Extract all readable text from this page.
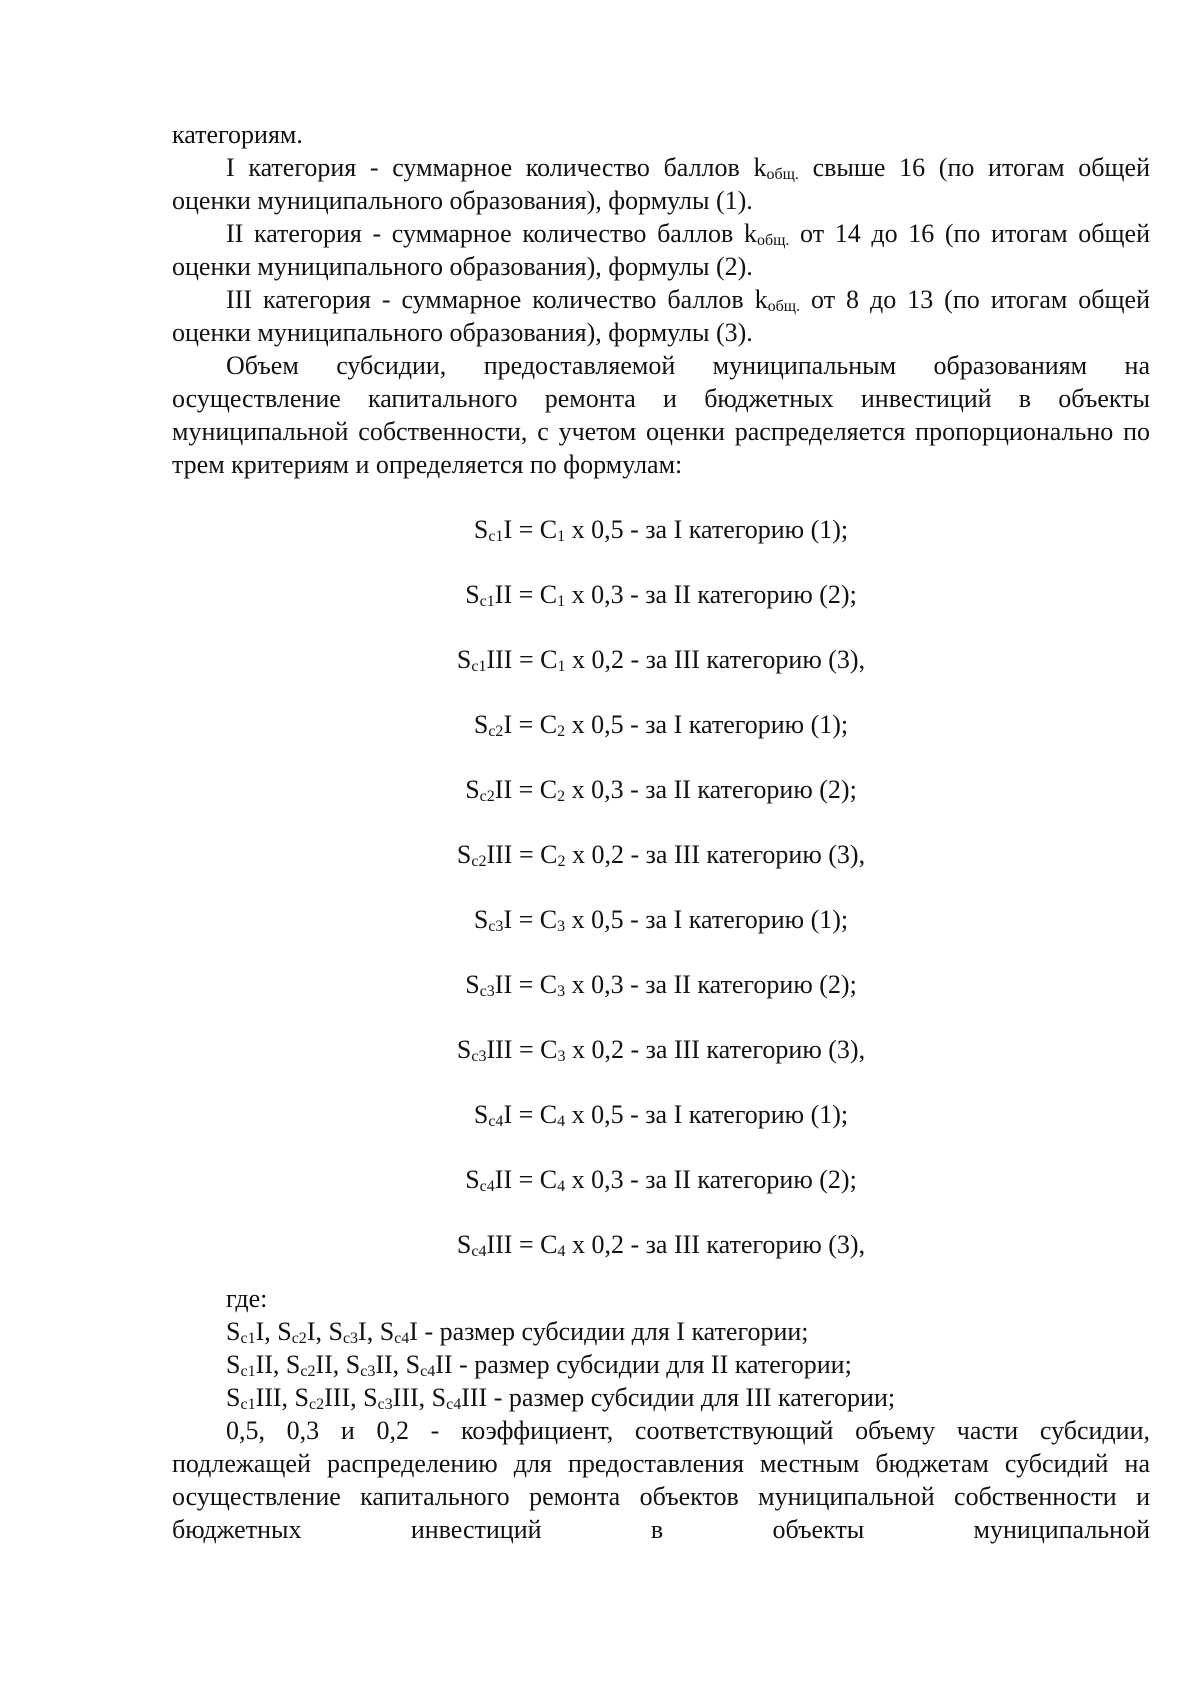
категориям.

I категория - суммарное количество баллов $k_{общ.}$ свыше 16 (по итогам общей оценки муниципального образования), формулы (1).

II категория - суммарное количество баллов $k_{общ.}$ от 14 до 16 (по итогам общей оценки муниципального образования), формулы (2).

III категория - суммарное количество баллов $k_{общ.}$ от 8 до 13 (по итогам общей оценки муниципального образования), формулы (3).

Объем субсидии, предоставляемой муниципальным образованиям на осуществление капитального ремонта и бюджетных инвестиций в объекты муниципальной собственности, с учетом оценки распределяется пропорционально по трем критериям и определяется по формулам:

$S_{c1}I = C_1$ х 0,5 - за I категорию (1);
$S_{c1}II = C_1$ х 0,3 - за II категорию (2);
$S_{c1}III = C_1$ х 0,2 - за III категорию (3),
$S_{c2}I = C_2$ х 0,5 - за I категорию (1);
$S_{c2}II = C_2$ х 0,3 - за II категорию (2);
$S_{c2}III = C_2$ х 0,2 - за III категорию (3),
$S_{c3}I = C_3$ х 0,5 - за I категорию (1);
$S_{c3}II = C_3$ х 0,3 - за II категорию (2);
$S_{c3}III = C_3$ х 0,2 - за III категорию (3),
$S_{c4}I = C_4$ х 0,5 - за I категорию (1);
$S_{c4}II = C_4$ х 0,3 - за II категорию (2);
$S_{c4}III = C_4$ х 0,2 - за III категорию (3),

где:

$S_{c1}I$, $S_{c2}I$, $S_{c3}I$, $S_{c4}I$ - размер субсидии для I категории;

$S_{c1}II$, $S_{c2}II$, $S_{c3}II$, $S_{c4}II$ - размер субсидии для II категории;

$S_{c1}III$, $S_{c2}III$, $S_{c3}III$, $S_{c4}III$ - размер субсидии для III категории;

0,5, 0,3 и 0,2 - коэффициент, соответствующий объему части субсидии, подлежащей распределению для предоставления местным бюджетам субсидий на осуществление капитального ремонта объектов муниципальной собственности и бюджетных инвестиций в объекты муниципальной
